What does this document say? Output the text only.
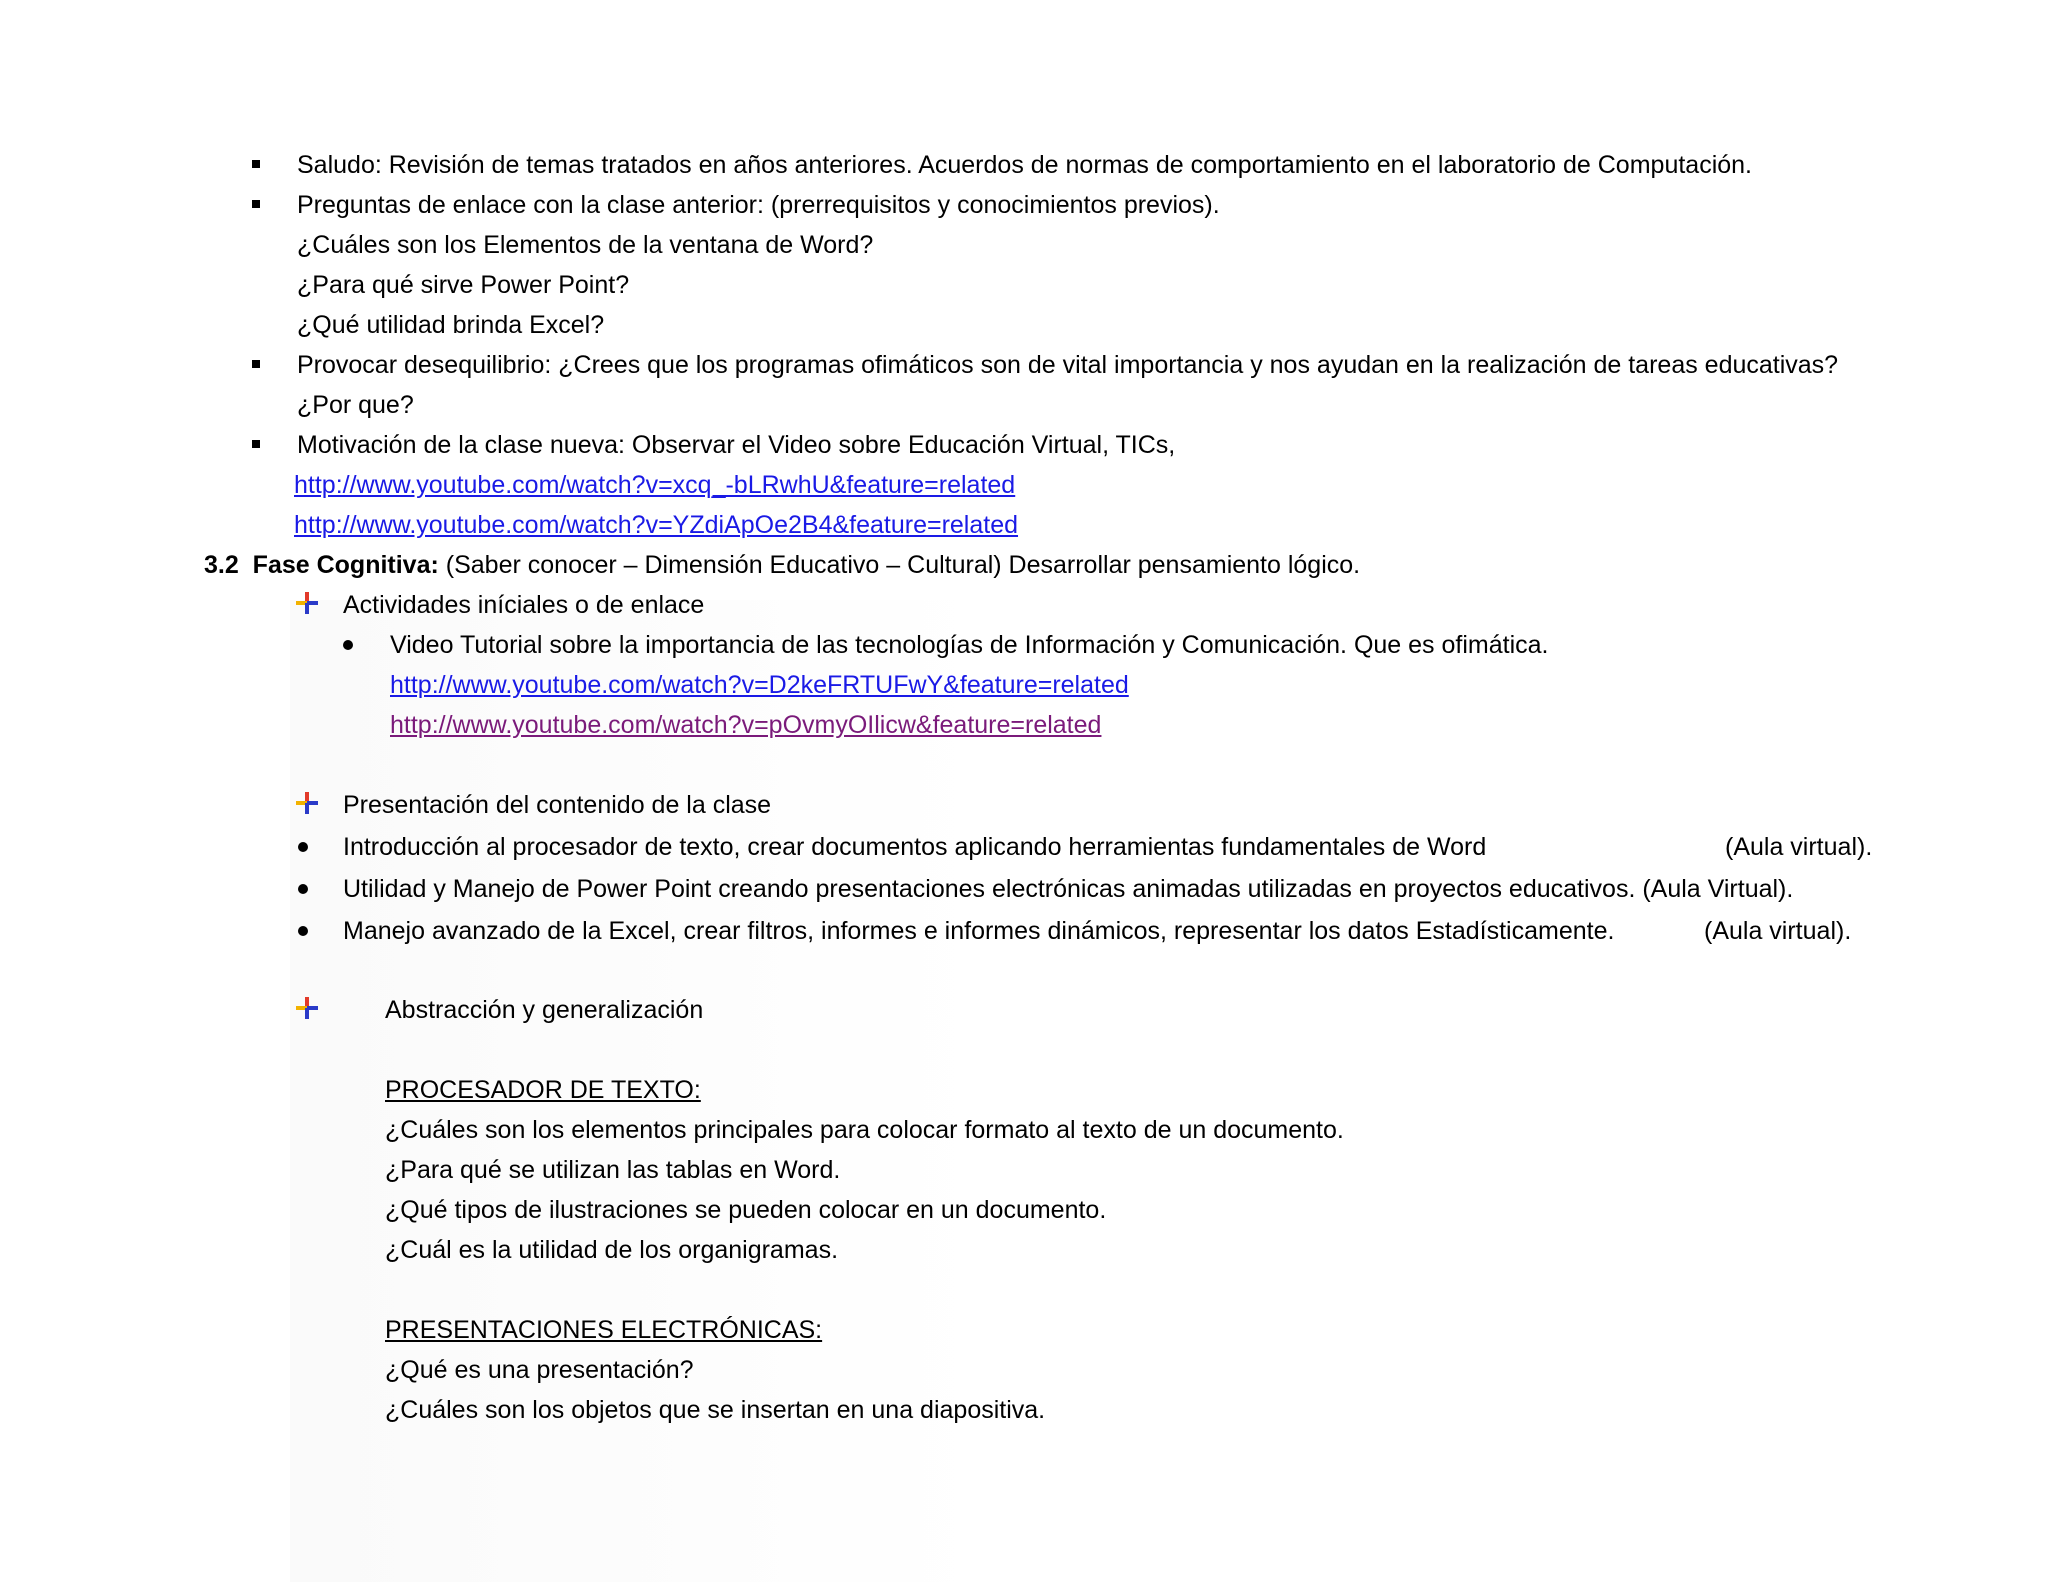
Saludo: Revisión de temas tratados en años anteriores. Acuerdos de normas de comportamiento en el laboratorio de Computación.
Preguntas de enlace con la clase anterior: (prerrequisitos y conocimientos previos).
¿Cuáles son los Elementos de la ventana de Word?
¿Para qué sirve Power Point?
¿Qué utilidad brinda Excel?
Provocar desequilibrio: ¿Crees que los programas ofimáticos son de vital importancia y nos ayudan en la realización de tareas educativas?
¿Por que?
Motivación de la clase nueva: Observar el Video sobre Educación Virtual, TICs,
http://www.youtube.com/watch?v=xcq_-bLRwhU&feature=related
http://www.youtube.com/watch?v=YZdiApOe2B4&feature=related
3.2 Fase Cognitiva: (Saber conocer – Dimensión Educativo – Cultural) Desarrollar pensamiento lógico.
Actividades iníciales o de enlace
Video Tutorial sobre la importancia de las tecnologías de Información y Comunicación. Que es ofimática.
http://www.youtube.com/watch?v=D2keFRTUFwY&feature=related
http://www.youtube.com/watch?v=pOvmyOIlicw&feature=related
Presentación del contenido de la clase
Introducción al procesador de texto, crear documentos aplicando herramientas fundamentales de Word	(Aula virtual).
Utilidad y Manejo de Power Point creando presentaciones electrónicas animadas utilizadas en proyectos educativos. (Aula Virtual).
Manejo avanzado de la Excel, crear filtros, informes e informes dinámicos, representar los datos Estadísticamente.	(Aula virtual).
Abstracción y generalización
PROCESADOR DE TEXTO:
¿Cuáles son los elementos principales para colocar formato al texto de un documento.
¿Para qué se utilizan las tablas en Word.
¿Qué tipos de ilustraciones se pueden colocar en un documento.
¿Cuál es la utilidad de los organigramas.
PRESENTACIONES ELECTRÓNICAS:
¿Qué es una presentación?
¿Cuáles son los objetos que se insertan en una diapositiva.
